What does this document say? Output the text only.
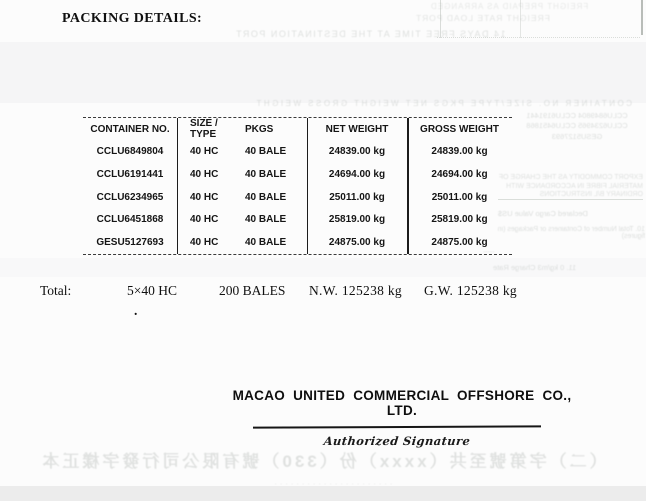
FREIGHT PREPAID AS ARRANGED
FREIGHT RATE LOAD PORT
14 DAYS FREE TIME AT THE DESTINATION PORT
CONTAINER NO. SIZE/TYPE PKGS NET WEIGHT GROSS WEIGHT
CCLU6849804 CCLU6191441 CCLU6234965 CCLU6451868 GESU5127693
EXPORT COMMODITY AS THE CHARGE OF MATERIAL FIBRE IN ACCORDANCE WITH ORDINARY B/L INSTRUCTIONS
Declared Cargo Value US$
10. Total Number of Containers or Packages (in figures)
-----
11. 0 kg/m3 Charge Rate
（二）字第號至共（xxxx）份（330）號有限公司行發字樣正本
．．．．．．．．．．．．．．．．．．．．．．
PACKING DETAILS:
CONTAINER NO.	SIZE / TYPE	PKGS	NET WEIGHT	GROSS WEIGHT
CCLU6849804	40 HC	40 BALE	24839.00 kg	24839.00 kg
CCLU6191441	40 HC	40 BALE	24694.00 kg	24694.00 kg
CCLU6234965	40 HC	40 BALE	25011.00 kg	25011.00 kg
CCLU6451868	40 HC	40 BALE	25819.00 kg	25819.00 kg
GESU5127693	40 HC	40 BALE	24875.00 kg	24875.00 kg
Total:	5×40 HC	200 BALES N.W. 125238 kg G.W. 125238 kg
.
MACAO UNITED COMMERCIAL OFFSHORE CO., LTD.
Authorized Signature
